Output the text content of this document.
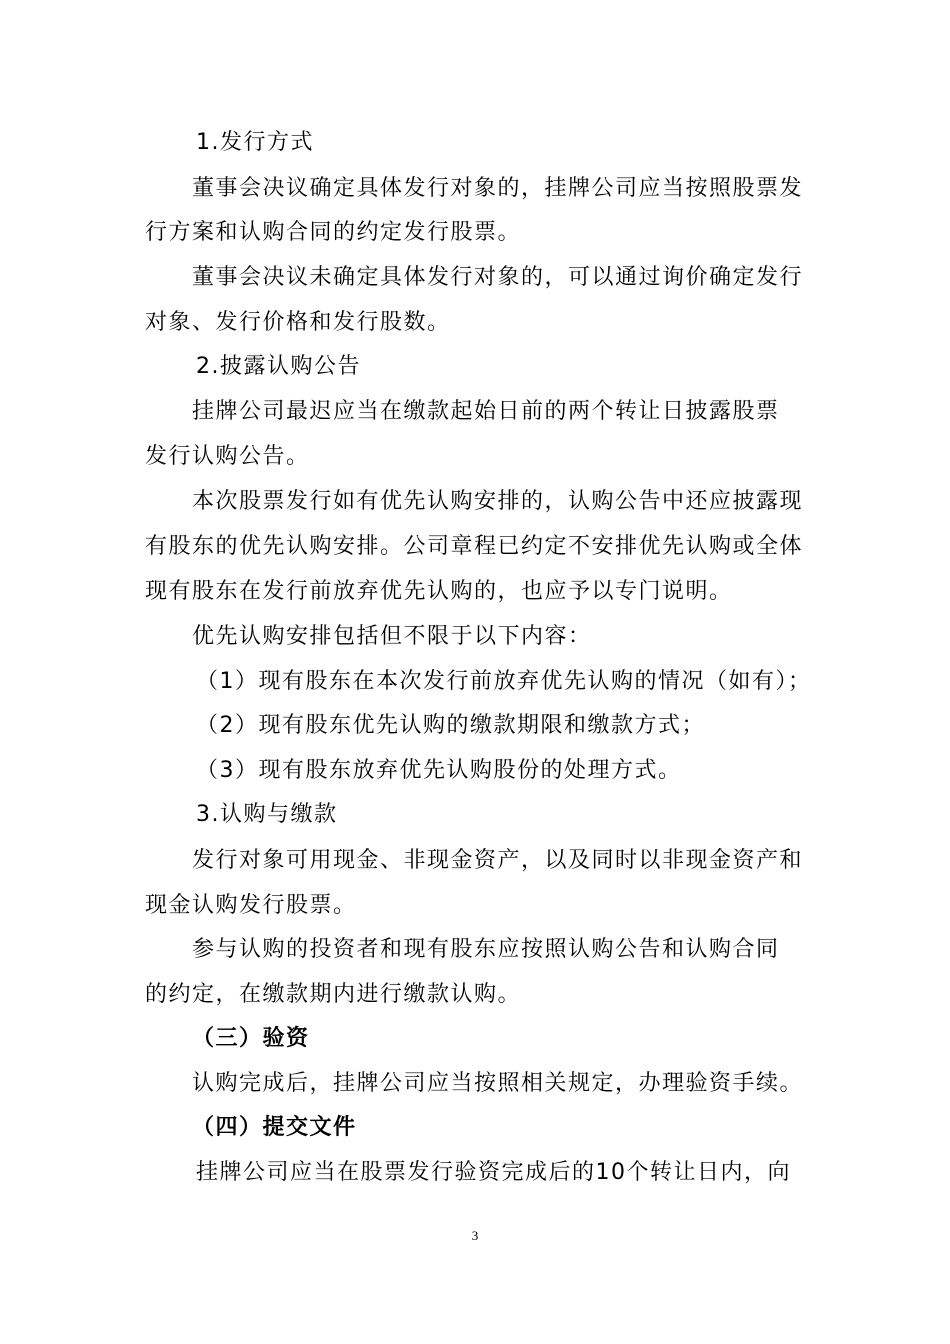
1.发行方式
董事会决议确定具体发行对象的，挂牌公司应当按照股票发
行方案和认购合同的约定发行股票。
董事会决议未确定具体发行对象的，可以通过询价确定发行
对象、发行价格和发行股数。
2.披露认购公告
挂牌公司最迟应当在缴款起始日前的两个转让日披露股票
发行认购公告。
本次股票发行如有优先认购安排的，认购公告中还应披露现
有股东的优先认购安排。公司章程已约定不安排优先认购或全体
现有股东在发行前放弃优先认购的，也应予以专门说明。
优先认购安排包括但不限于以下内容：
（1）现有股东在本次发行前放弃优先认购的情况（如有）；
（2）现有股东优先认购的缴款期限和缴款方式；
（3）现有股东放弃优先认购股份的处理方式。
3.认购与缴款
发行对象可用现金、非现金资产，以及同时以非现金资产和
现金认购发行股票。
参与认购的投资者和现有股东应按照认购公告和认购合同
的约定，在缴款期内进行缴款认购。
（三）验资
认购完成后，挂牌公司应当按照相关规定，办理验资手续。
（四）提交文件
挂牌公司应当在股票发行验资完成后的10个转让日内，向
3
